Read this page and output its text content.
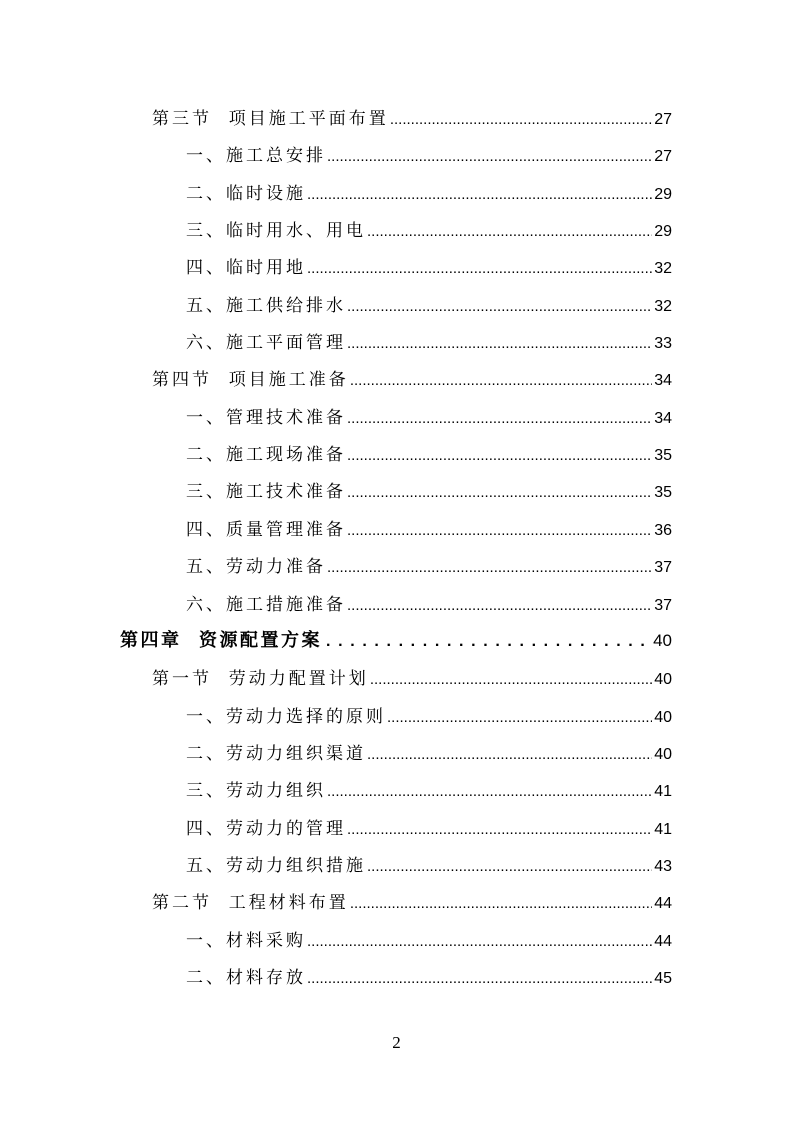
第三节  项目施工平面布置 .....	27
一、施工总安排 .....	27
二、临时设施 .....	29
三、临时用水、用电 .....	29
四、临时用地 .....	32
五、施工供给排水 .....	32
六、施工平面管理 .....	33
第四节  项目施工准备 .....	34
一、管理技术准备 .....	34
二、施工现场准备 .....	35
三、施工技术准备 .....	35
四、质量管理准备 .....	36
五、劳动力准备 .....	37
六、施工措施准备 .....	37
第四章  资源配置方案 . . .	40
第一节  劳动力配置计划 .....	40
一、劳动力选择的原则 .....	40
二、劳动力组织渠道 .....	40
三、劳动力组织 .....	41
四、劳动力的管理 .....	41
五、劳动力组织措施 .....	43
第二节  工程材料布置 .....	44
一、材料采购 .....	44
二、材料存放 .....	45
2
